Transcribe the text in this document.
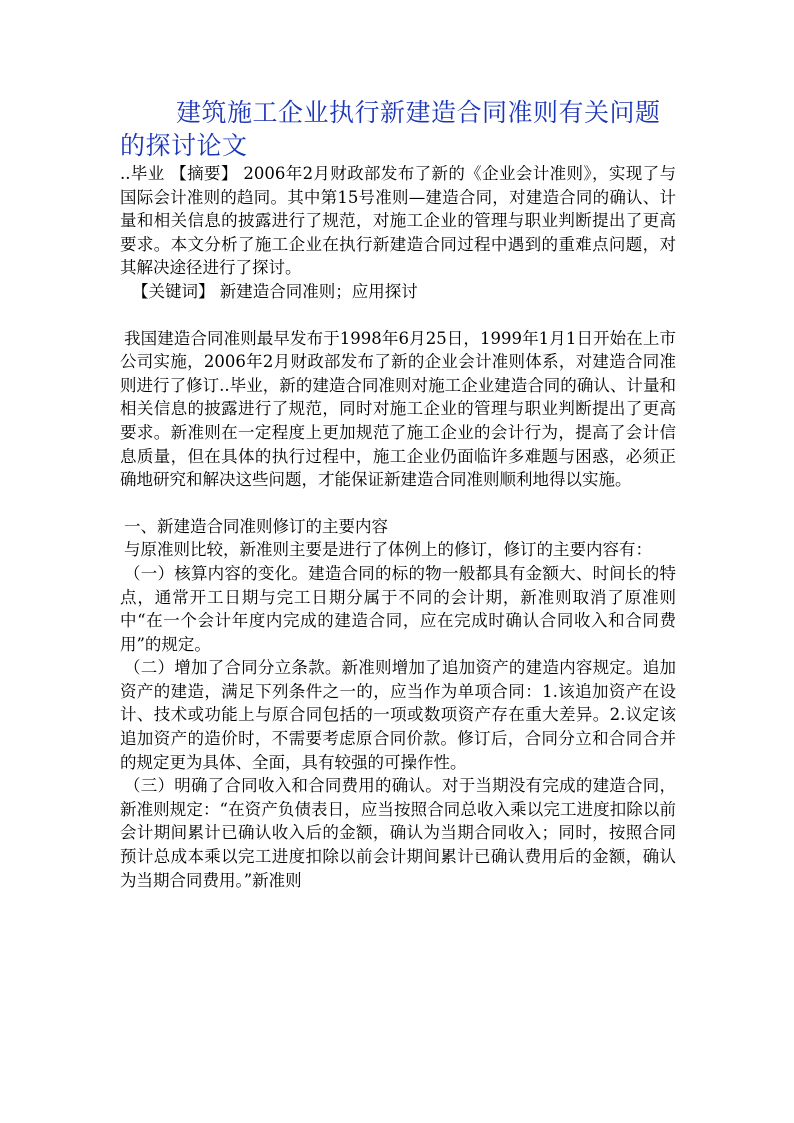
建筑施工企业执行新建造合同准则有关问题的探讨论文

..毕业 【摘要】 2006年2月财政部发布了新的《企业会计准则》，实现了与国际会计准则的趋同。其中第15号准则—建造合同，对建造合同的确认、计量和相关信息的披露进行了规范，对施工企业的管理与职业判断提出了更高要求。本文分析了施工企业在执行新建造合同过程中遇到的重难点问题，对其解决途径进行了探讨。

【关键词】 新建造合同准则；应用探讨

我国建造合同准则最早发布于1998年6月25日，1999年1月1日开始在上市公司实施，2006年2月财政部发布了新的企业会计准则体系，对建造合同准则进行了修订..毕业，新的建造合同准则对施工企业建造合同的确认、计量和相关信息的披露进行了规范，同时对施工企业的管理与职业判断提出了更高要求。新准则在一定程度上更加规范了施工企业的会计行为，提高了会计信息质量，但在具体的执行过程中，施工企业仍面临许多难题与困惑，必须正确地研究和解决这些问题，才能保证新建造合同准则顺利地得以实施。

一、新建造合同准则修订的主要内容

与原准则比较，新准则主要是进行了体例上的修订，修订的主要内容有：

（一）核算内容的变化。建造合同的标的物一般都具有金额大、时间长的特点，通常开工日期与完工日期分属于不同的会计期，新准则取消了原准则中“在一个会计年度内完成的建造合同，应在完成时确认合同收入和合同费用”的规定。

（二）增加了合同分立条款。新准则增加了追加资产的建造内容规定。追加资产的建造，满足下列条件之一的，应当作为单项合同：1.该追加资产在设计、技术或功能上与原合同包括的一项或数项资产存在重大差异。2.议定该追加资产的造价时，不需要考虑原合同价款。修订后，合同分立和合同合并的规定更为具体、全面，具有较强的可操作性。

（三）明确了合同收入和合同费用的确认。对于当期没有完成的建造合同，新准则规定：“在资产负债表日，应当按照合同总收入乘以完工进度扣除以前会计期间累计已确认收入后的金额，确认为当期合同收入；同时，按照合同预计总成本乘以完工进度扣除以前会计期间累计已确认费用后的金额，确认为当期合同费用。”新准则
